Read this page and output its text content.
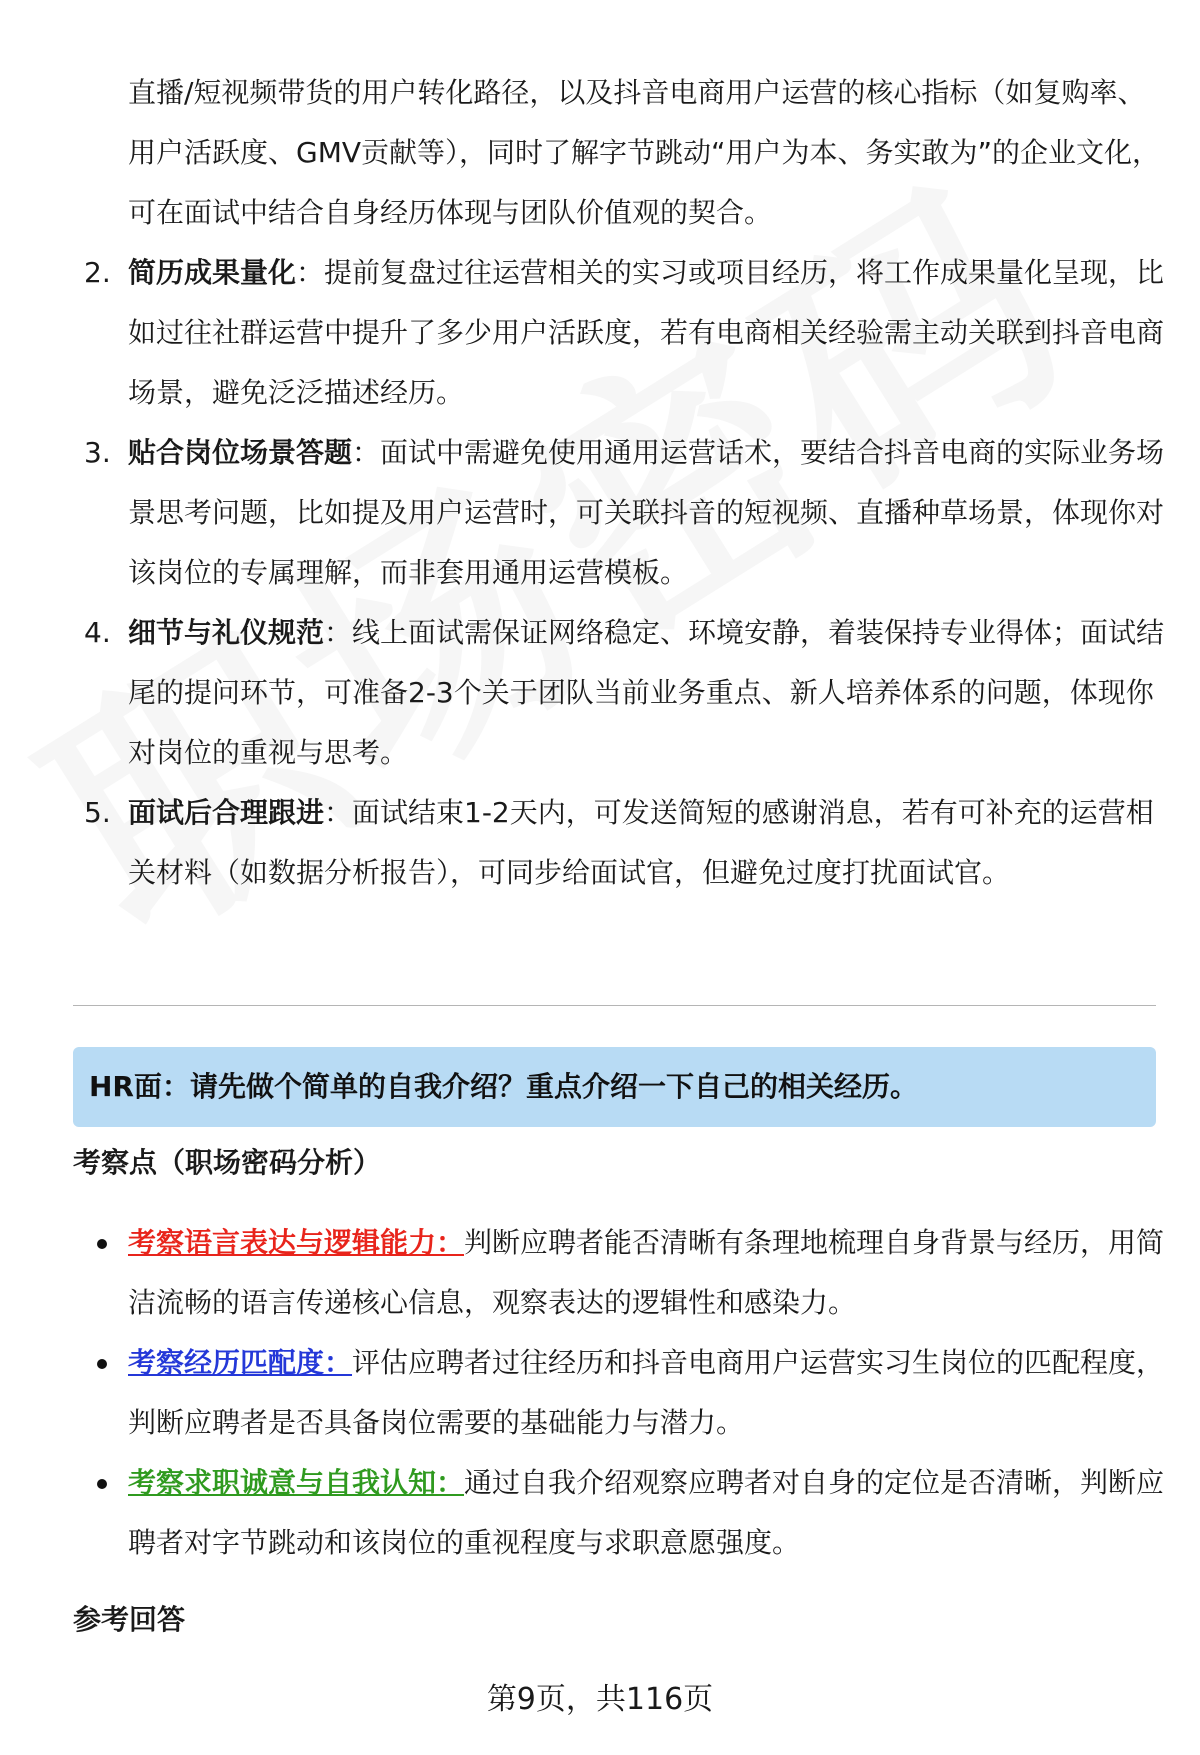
直播/短视频带货的用户转化路径，以及抖音电商用户运营的核心指标（如复购率、用户活跃度、GMV贡献等），同时了解字节跳动“用户为本、务实敢为”的企业文化，可在面试中结合自身经历体现与团队价值观的契合。
2. 简历成果量化：提前复盘过往运营相关的实习或项目经历，将工作成果量化呈现，比如过往社群运营中提升了多少用户活跃度，若有电商相关经验需主动关联到抖音电商场景，避免泛泛描述经历。
3. 贴合岗位场景答题：面试中需避免使用通用运营话术，要结合抖音电商的实际业务场景思考问题，比如提及用户运营时，可关联抖音的短视频、直播种草场景，体现你对该岗位的专属理解，而非套用通用运营模板。
4. 细节与礼仪规范：线上面试需保证网络稳定、环境安静，着装保持专业得体；面试结尾的提问环节，可准备2-3个关于团队当前业务重点、新人培养体系的问题，体现你对岗位的重视与思考。
5. 面试后合理跟进：面试结束1-2天内，可发送简短的感谢消息，若有可补充的运营相关材料（如数据分析报告），可同步给面试官，但避免过度打扰面试官。
HR面：请先做个简单的自我介绍？重点介绍一下自己的相关经历。
考察点（职场密码分析）
考察语言表达与逻辑能力：判断应聘者能否清晰有条理地梳理自身背景与经历，用简洁流畅的语言传递核心信息，观察表达的逻辑性和感染力。
考察经历匹配度：评估应聘者过往经历和抖音电商用户运营实习生岗位的匹配程度，判断应聘者是否具备岗位需要的基础能力与潜力。
考察求职诚意与自我认知：通过自我介绍观察应聘者对自身的定位是否清晰，判断应聘者对字节跳动和该岗位的重视程度与求职意愿强度。
参考回答
第9页，共116页
